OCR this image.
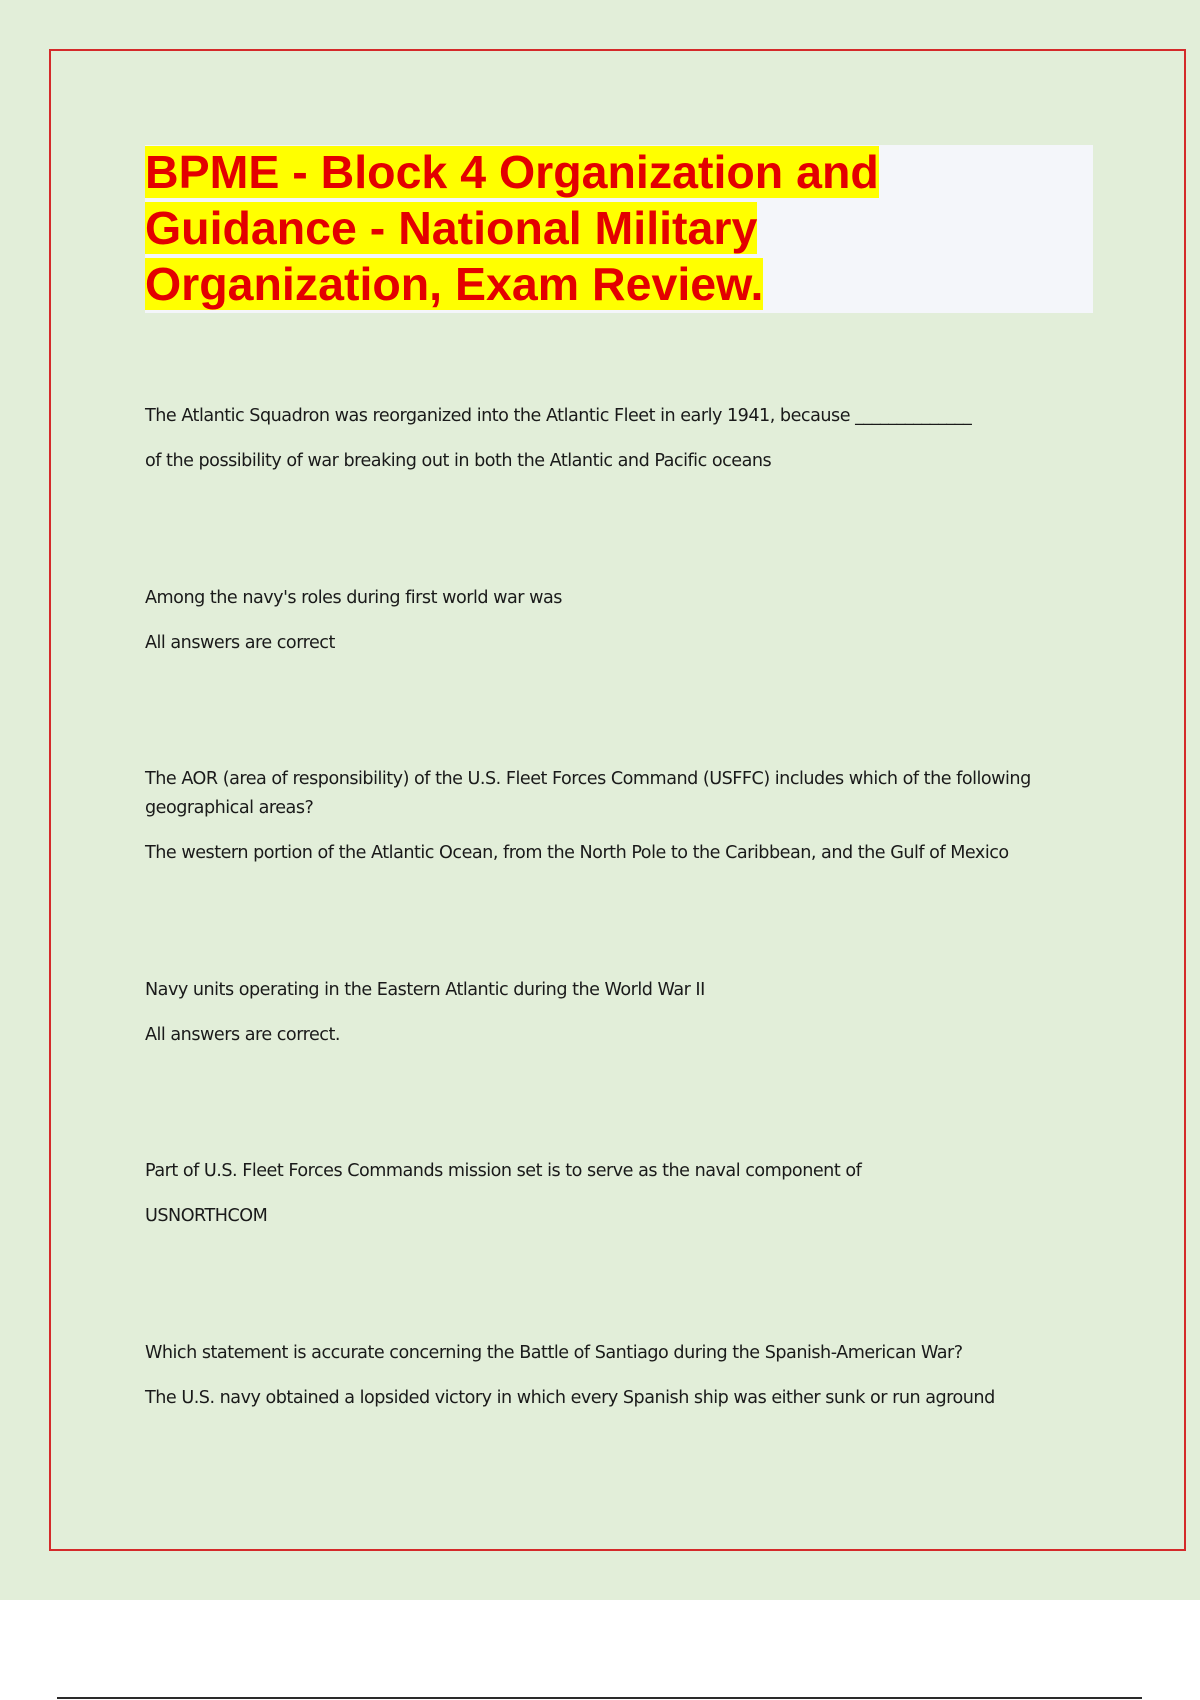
BPME - Block 4 Organization and Guidance - National Military Organization, Exam Review.

The Atlantic Squadron was reorganized into the Atlantic Fleet in early 1941, because ______________

of the possibility of war breaking out in both the Atlantic and Pacific oceans

Among the navy's roles during first world war was

All answers are correct

The AOR (area of responsibility) of the U.S. Fleet Forces Command (USFFC) includes which of the following geographical areas?

The western portion of the Atlantic Ocean, from the North Pole to the Caribbean, and the Gulf of Mexico

Navy units operating in the Eastern Atlantic during the World War II

All answers are correct.

Part of U.S. Fleet Forces Commands mission set is to serve as the naval component of

USNORTHCOM

Which statement is accurate concerning the Battle of Santiago during the Spanish-American War?

The U.S. navy obtained a lopsided victory in which every Spanish ship was either sunk or run aground
